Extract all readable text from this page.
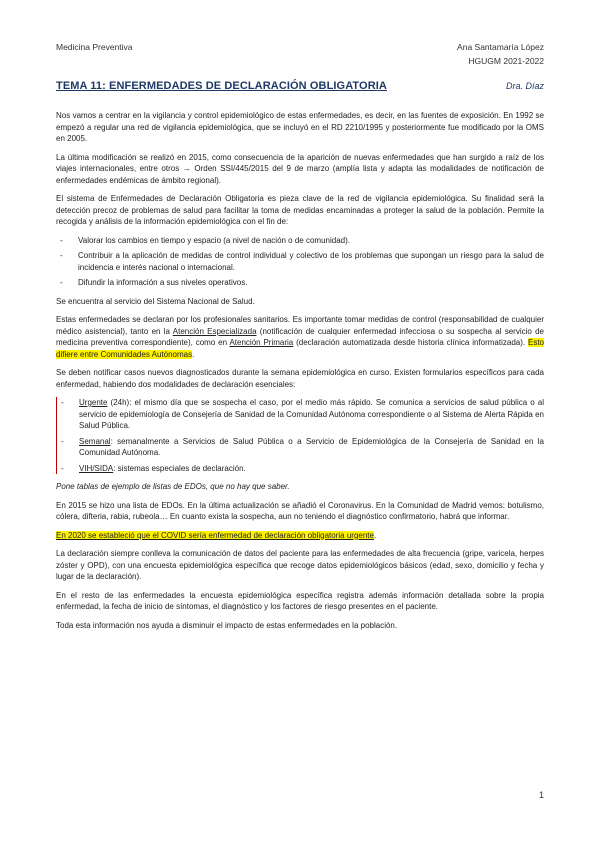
Medicina Preventiva	Ana Santamaría López
HGUGM 2021-2022
TEMA 11: ENFERMEDADES DE DECLARACIÓN OBLIGATORIA	Dra. Díaz

Nos vamos a centrar en la vigilancia y control epidemiológico de estas enfermedades, es decir, en las fuentes de exposición. En 1992 se empezó a regular una red de vigilancia epidemiológica, que se incluyó en el RD 2210/1995 y posteriormente fue modificado por la OMS en 2005.

La última modificación se realizó en 2015, como consecuencia de la aparición de nuevas enfermedades que han surgido a raíz de los viajes internacionales, entre otros → Orden SSI/445/2015 del 9 de marzo (amplía lista y adapta las modalidades de notificación de enfermedades endémicas de ámbito regional).

El sistema de Enfermedades de Declaración Obligatoria es pieza clave de la red de vigilancia epidemiológica. Su finalidad será la detección precoz de problemas de salud para facilitar la toma de medidas encaminadas a proteger la salud de la población. Permite la recogida y análisis de la información epidemiológica con el fin de:

- Valorar los cambios en tiempo y espacio (a nivel de nación o de comunidad).
- Contribuir a la aplicación de medidas de control individual y colectivo de los problemas que supongan un riesgo para la salud de incidencia e interés nacional o internacional.
- Difundir la información a sus niveles operativos.

Se encuentra al servicio del Sistema Nacional de Salud.

Estas enfermedades se declaran por los profesionales sanitarios. Es importante tomar medidas de control (responsabilidad de cualquier médico asistencial), tanto en la Atención Especializada (notificación de cualquier enfermedad infecciosa o su sospecha al servicio de medicina preventiva correspondiente), como en Atención Primaria (declaración automatizada desde historia clínica informatizada). Esto difiere entre Comunidades Autónomas.

Se deben notificar casos nuevos diagnosticados durante la semana epidemiológica en curso. Existen formularios específicos para cada enfermedad, habiendo dos modalidades de declaración esenciales:

- Urgente (24h): el mismo día que se sospecha el caso, por el medio más rápido. Se comunica a servicios de salud pública o al servicio de epidemiología de Consejería de Sanidad de la Comunidad Autónoma correspondiente o al Sistema de Alerta Rápida en Salud Pública.
- Semanal: semanalmente a Servicios de Salud Pública o a Servicio de Epidemiológica de la Consejería de Sanidad en la Comunidad Autónoma.
- VIH/SIDA: sistemas especiales de declaración.

Pone tablas de ejemplo de listas de EDOs, que no hay que saber.

En 2015 se hizo una lista de EDOs. En la última actualización se añadió el Coronavirus. En la Comunidad de Madrid vemos: botulismo, cólera, difteria, rabia, rubeola… En cuanto exista la sospecha, aun no teniendo el diagnóstico confirmatorio, habrá que informar.

En 2020 se estableció que el COVID sería enfermedad de declaración obligatoria urgente.

La declaración siempre conlleva la comunicación de datos del paciente para las enfermedades de alta frecuencia (gripe, varicela, herpes zóster y OPD), con una encuesta epidemiológica específica que recoge datos epidemiológicos básicos (edad, sexo, domicilio y fecha y lugar de la declaración).

En el resto de las enfermedades la encuesta epidemiológica específica registra además información detallada sobre la propia enfermedad, la fecha de inicio de síntomas, el diagnóstico y los factores de riesgo presentes en el paciente.

Toda esta información nos ayuda a disminuir el impacto de estas enfermedades en la población.

1
